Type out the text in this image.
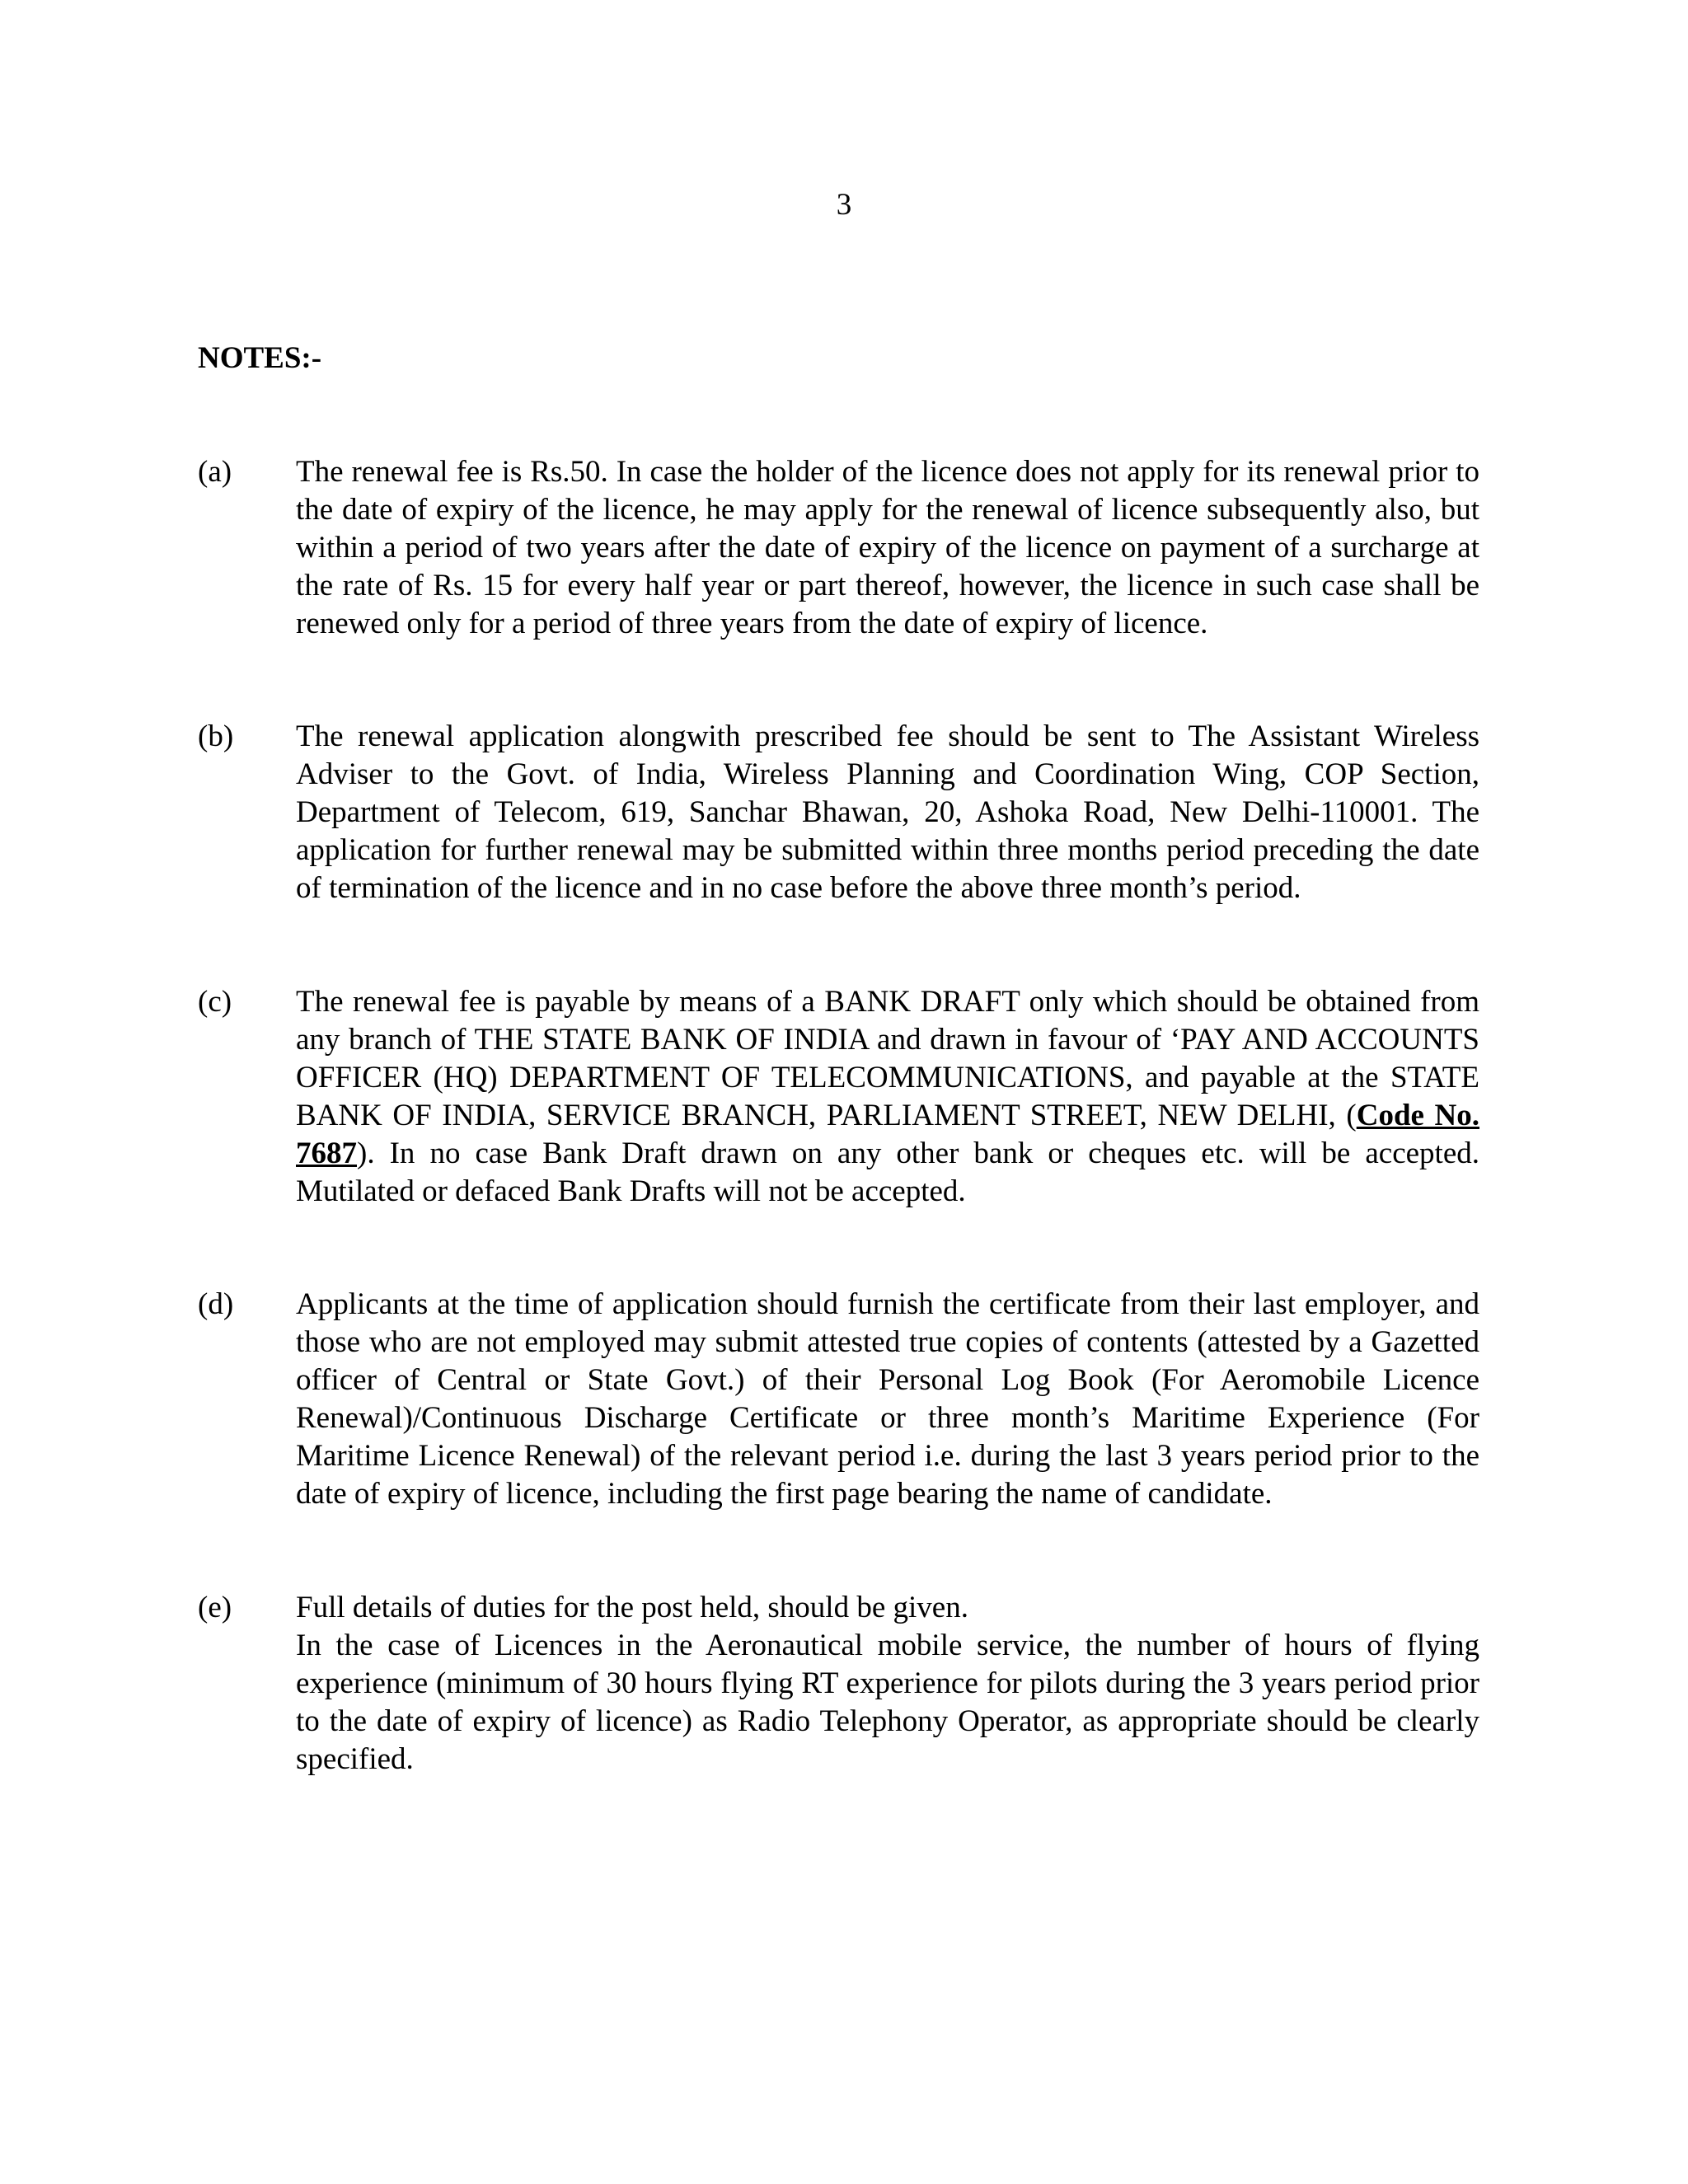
3
NOTES:-
(a)	The renewal fee is Rs.50. In case the holder of the licence does not apply for its renewal prior to the date of expiry of the licence, he may apply for the renewal of licence subsequently also, but within a period of two years after the date of expiry of the licence on payment of a surcharge at the rate of Rs. 15 for every half year or part thereof, however, the licence in such case shall be renewed only for a period of three years from the date of expiry of licence.
(b)	The renewal application alongwith prescribed fee should be sent to The Assistant Wireless Adviser to the Govt. of India, Wireless Planning and Coordination Wing, COP Section, Department of Telecom, 619, Sanchar Bhawan, 20, Ashoka Road, New Delhi-110001. The application for further renewal may be submitted within three months period preceding the date of termination of the licence and in no case before the above three month’s period.
(c)	The renewal fee is payable by means of a BANK DRAFT only which should be obtained from any branch of THE STATE BANK OF INDIA and drawn in favour of ‘PAY AND ACCOUNTS OFFICER (HQ) DEPARTMENT OF TELECOMMUNICATIONS, and payable at the STATE BANK OF INDIA, SERVICE BRANCH, PARLIAMENT STREET, NEW DELHI, (Code No. 7687). In no case Bank Draft drawn on any other bank or cheques etc. will be accepted. Mutilated or defaced Bank Drafts will not be accepted.
(d)	Applicants at the time of application should furnish the certificate from their last employer, and those who are not employed may submit attested true copies of contents (attested by a Gazetted officer of Central or State Govt.) of their Personal Log Book (For Aeromobile Licence Renewal)/Continuous Discharge Certificate or three month’s Maritime Experience (For Maritime Licence Renewal) of the relevant period i.e. during the last 3 years period prior to the date of expiry of licence, including the first page bearing the name of candidate.
(e)	Full details of duties for the post held, should be given.

In the case of Licences in the Aeronautical mobile service, the number of hours of flying experience (minimum of 30 hours flying RT experience for pilots during the 3 years period prior to the date of expiry of licence) as Radio Telephony Operator, as appropriate should be clearly specified.
